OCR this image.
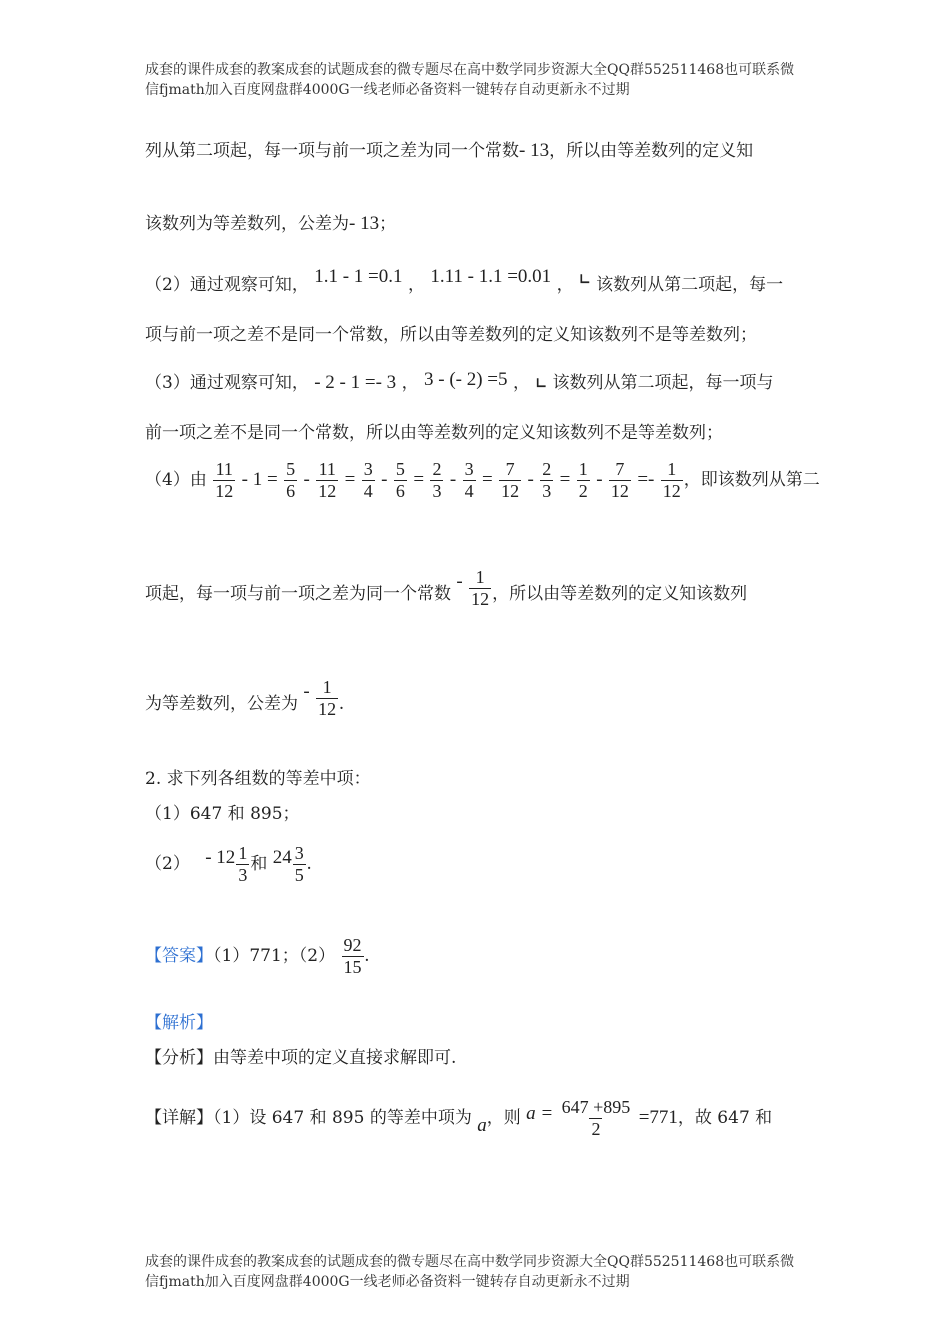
成套的课件成套的教案成套的试题成套的微专题尽在高中数学同步资源大全QQ群552511468也可联系微
信fjmath加入百度网盘群4000G一线老师必备资料一键转存自动更新永不过期
列从第二项起，每一项与前一项之差为同一个常数- 13，所以由等差数列的定义知
该数列为等差数列，公差为- 13；
（2）通过观察可知， 1.1 - 1 =0.1 ， 1.11 - 1.1 =0.01 ， ∟ 该数列从第二项起，每一
项与前一项之差不是同一个常数，所以由等差数列的定义知该数列不是等差数列；
（3）通过观察可知， - 2 - 1 =- 3 ， 3 - (- 2) =5 ， ∟ 该数列从第二项起，每一项与
前一项之差不是同一个常数，所以由等差数列的定义知该数列不是等差数列；
（4）由 $\frac{11}{12} - 1 = \frac{5}{6} - \frac{11}{12} = \frac{3}{4} - \frac{5}{6} = \frac{2}{3} - \frac{3}{4} = \frac{7}{12} - \frac{2}{3} = \frac{1}{2} - \frac{7}{12} =- \frac{1}{12}$ ，即该数列从第二
项起，每一项与前一项之差为同一个常数 - $\frac{1}{12}$ ，所以由等差数列的定义知该数列
为等差数列，公差为 - $\frac{1}{12}$ .
2. 求下列各组数的等差中项：
（1）647 和 895；
$(2) - 12 \frac{1}{3}$ 和 $24 \frac{3}{5}$ .
【答案】（1）771；$(2) \frac{92}{15}$ .
【解析】
【分析】由等差中项的定义直接求解即可.
【详解】（1）设 647 和 895 的等差中项为 a，则 $a = \frac{647 +895}{2} =771$，故 647 和
成套的课件成套的教案成套的试题成套的微专题尽在高中数学同步资源大全QQ群552511468也可联系微
信fjmath加入百度网盘群4000G一线老师必备资料一键转存自动更新永不过期
